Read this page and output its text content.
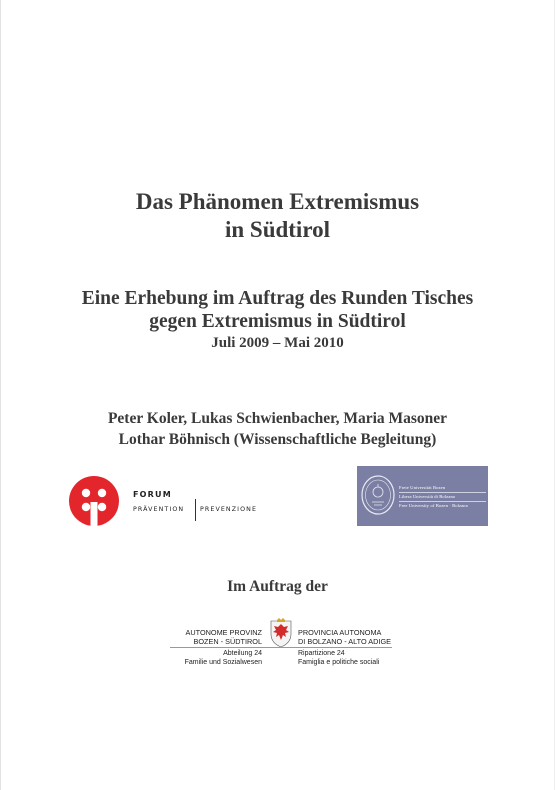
Das Phänomen Extremismus
in Südtirol
Eine Erhebung im Auftrag des Runden Tisches
gegen Extremismus in Südtirol
Juli 2009 – Mai 2010
Peter Koler, Lukas Schwienbacher, Maria Masoner
Lothar Böhnisch (Wissenschaftliche Begleitung)
FORUM
PRÄVENTION	PREVENZIONE
Freie Universität Bozen
Libera Università di Bolzano
Free University of Bozen · Bolzano
Im Auftrag der
AUTONOME PROVINZ
BOZEN - SÜDTIROL
PROVINCIA AUTONOMA
DI BOLZANO - ALTO ADIGE
Abteilung 24
Familie und Sozialwesen
Ripartizione 24
Famiglia e politiche sociali
